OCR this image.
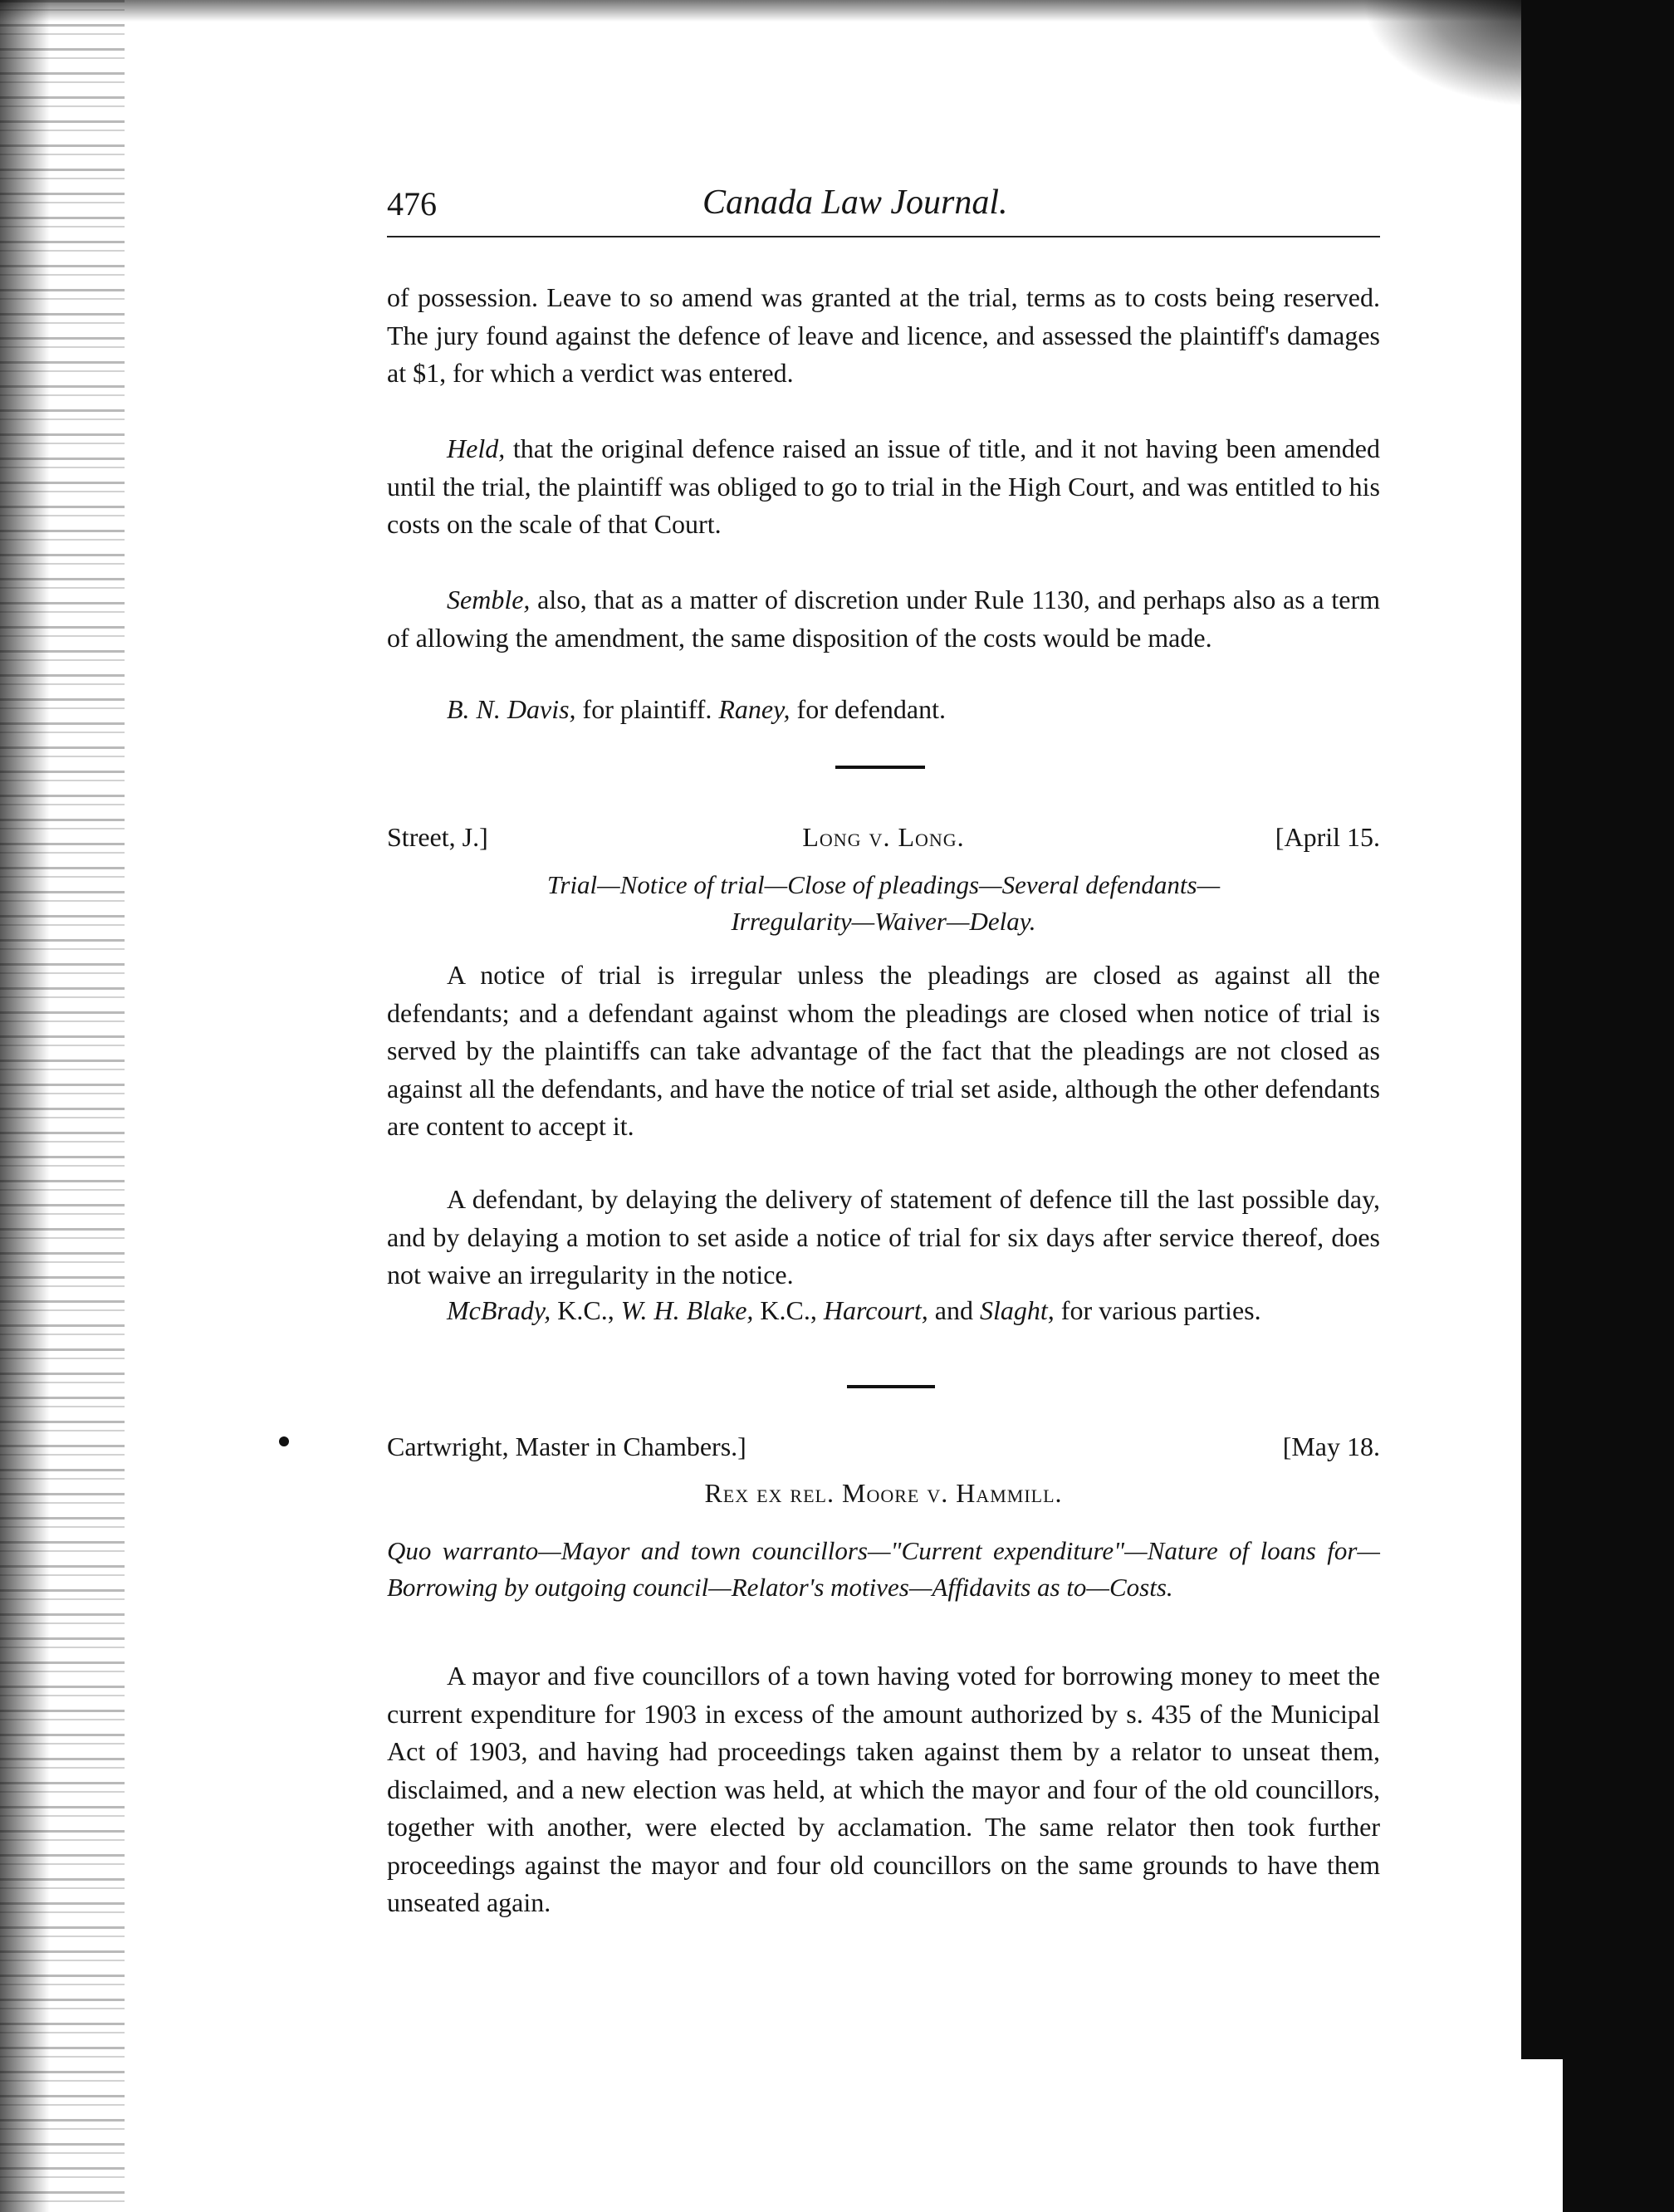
476	Canada Law Journal.

of possession. Leave to so amend was granted at the trial, terms as to costs being reserved. The jury found against the defence of leave and licence, and assessed the plaintiff's damages at $1, for which a verdict was entered.

Held, that the original defence raised an issue of title, and it not having been amended until the trial, the plaintiff was obliged to go to trial in the High Court, and was entitled to his costs on the scale of that Court.

Semble, also, that as a matter of discretion under Rule 1130, and perhaps also as a term of allowing the amendment, the same disposition of the costs would be made.

B. N. Davis, for plaintiff. Raney, for defendant.

Street, J.]	Long v. Long.	[April 15.

Trial—Notice of trial—Close of pleadings—Several defendants—
Irregularity—Waiver—Delay.

A notice of trial is irregular unless the pleadings are closed as against all the defendants; and a defendant against whom the pleadings are closed when notice of trial is served by the plaintiffs can take advantage of the fact that the pleadings are not closed as against all the defendants, and have the notice of trial set aside, although the other defendants are content to accept it.

A defendant, by delaying the delivery of statement of defence till the last possible day, and by delaying a motion to set aside a notice of trial for six days after service thereof, does not waive an irregularity in the notice.

McBrady, K.C., W. H. Blake, K.C., Harcourt, and Slaght, for various parties.

Cartwright, Master in Chambers.]	[May 18.
Rex ex rel. Moore v. Hammill.

Quo warranto—Mayor and town councillors—"Current expenditure"—Nature of loans for—Borrowing by outgoing council—Relator's motives—Affidavits as to—Costs.

A mayor and five councillors of a town having voted for borrowing money to meet the current expenditure for 1903 in excess of the amount authorized by s. 435 of the Municipal Act of 1903, and having had proceedings taken against them by a relator to unseat them, disclaimed, and a new election was held, at which the mayor and four of the old councillors, together with another, were elected by acclamation. The same relator then took further proceedings against the mayor and four old councillors on the same grounds to have them unseated again.
